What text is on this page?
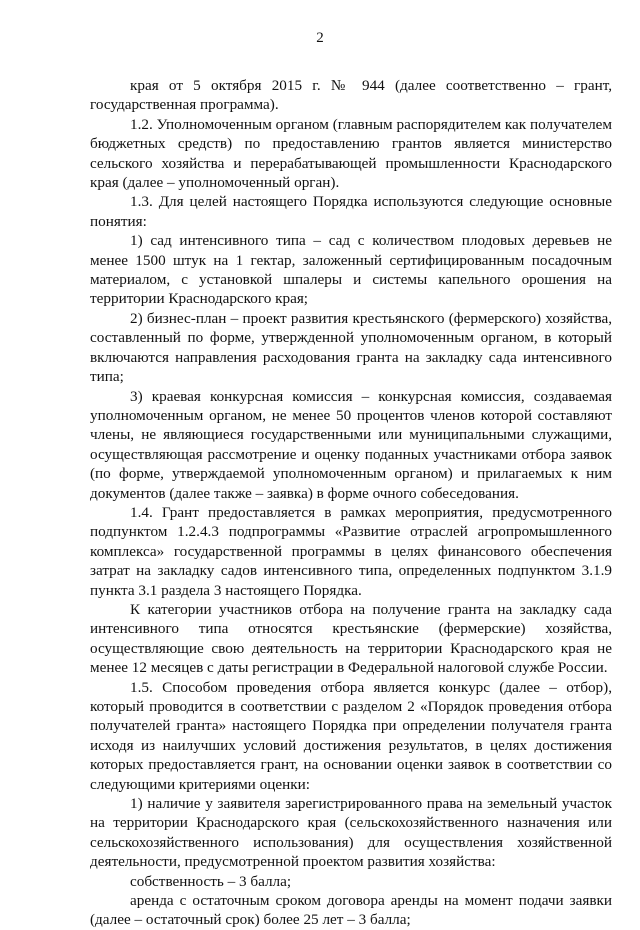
2

края от 5 октября 2015 г. № 944 (далее соответственно – грант, государственная программа).

1.2. Уполномоченным органом (главным распорядителем как получателем бюджетных средств) по предоставлению грантов является министерство сельского хозяйства и перерабатывающей промышленности Краснодарского края (далее – уполномоченный орган).

1.3. Для целей настоящего Порядка используются следующие основные понятия:

1) сад интенсивного типа – сад с количеством плодовых деревьев не менее 1500 штук на 1 гектар, заложенный сертифицированным посадочным материалом, с установкой шпалеры и системы капельного орошения на территории Краснодарского края;

2) бизнес-план – проект развития крестьянского (фермерского) хозяйства, составленный по форме, утвержденной уполномоченным органом, в который включаются направления расходования гранта на закладку сада интенсивного типа;

3) краевая конкурсная комиссия – конкурсная комиссия, создаваемая уполномоченным органом, не менее 50 процентов членов которой составляют члены, не являющиеся государственными или муниципальными служащими, осуществляющая рассмотрение и оценку поданных участниками отбора заявок (по форме, утверждаемой уполномоченным органом) и прилагаемых к ним документов (далее также – заявка) в форме очного собеседования.

1.4. Грант предоставляется в рамках мероприятия, предусмотренного подпунктом 1.2.4.3 подпрограммы «Развитие отраслей агропромышленного комплекса» государственной программы в целях финансового обеспечения затрат на закладку садов интенсивного типа, определенных подпунктом 3.1.9 пункта 3.1 раздела 3 настоящего Порядка.

К категории участников отбора на получение гранта на закладку сада интенсивного типа относятся крестьянские (фермерские) хозяйства, осуществляющие свою деятельность на территории Краснодарского края не менее 12 месяцев с даты регистрации в Федеральной налоговой службе России.

1.5. Способом проведения отбора является конкурс (далее – отбор), который проводится в соответствии с разделом 2 «Порядок проведения отбора получателей гранта» настоящего Порядка при определении получателя гранта исходя из наилучших условий достижения результатов, в целях достижения которых предоставляется грант, на основании оценки заявок в соответствии со следующими критериями оценки:

1) наличие у заявителя зарегистрированного права на земельный участок на территории Краснодарского края (сельскохозяйственного назначения или сельскохозяйственного использования) для осуществления хозяйственной деятельности, предусмотренной проектом развития хозяйства:

собственность – 3 балла;

аренда с остаточным сроком договора аренды на момент подачи заявки (далее – остаточный срок) более 25 лет – 3 балла;
